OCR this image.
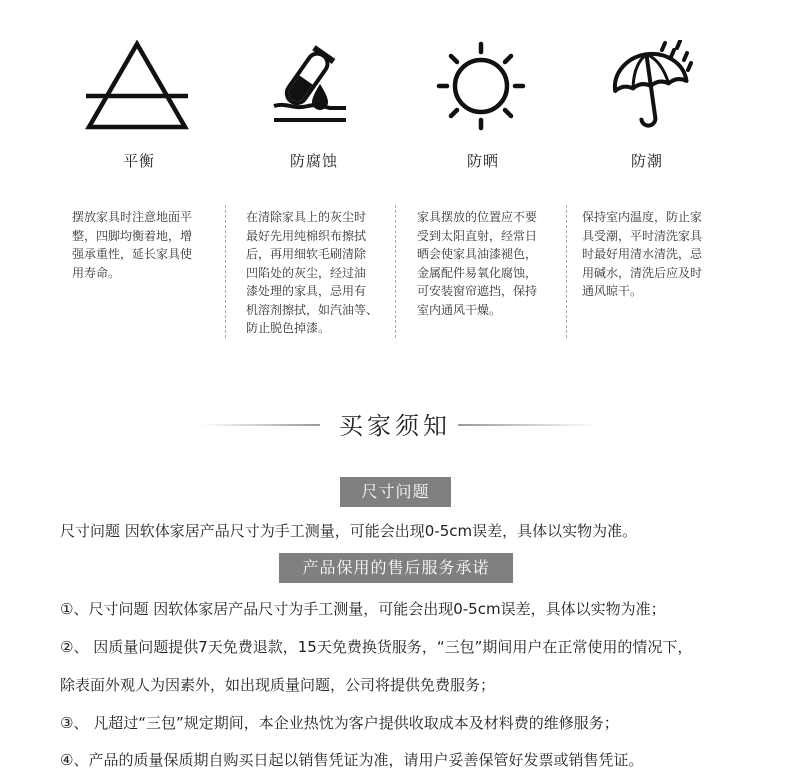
平衡	防腐蚀	防晒	防潮
摆放家具时注意地面平
整，四脚均衡着地，增
强承重性，延长家具使
用寿命。
在清除家具上的灰尘时
最好先用纯棉织布擦拭
后，再用细软毛刷清除
凹陷处的灰尘，经过油
漆处理的家具，忌用有
机溶剂擦拭，如汽油等、
防止脱色掉漆。
家具摆放的位置应不要
受到太阳直射，经常日
晒会使家具油漆褪色，
金属配件易氧化腐蚀，
可安装窗帘遮挡，保持
室内通风干燥。
保持室内温度，防止家
具受潮，平时清洗家具
时最好用清水清洗，忌
用碱水，清洗后应及时
通风晾干。
买家须知
尺寸问题
尺寸问题 因软体家居产品尺寸为手工测量，可能会出现0-5cm误差，具体以实物为准。
产品保用的售后服务承诺
①、尺寸问题 因软体家居产品尺寸为手工测量，可能会出现0-5cm误差，具体以实物为准；
②、 因质量问题提供7天免费退款，15天免费换货服务，“三包”期间用户在正常使用的情况下，
除表面外观人为因素外，如出现质量问题，公司将提供免费服务；
③、 凡超过“三包”规定期间，本企业热忱为客户提供收取成本及材料费的维修服务；
④、产品的质量保质期自购买日起以销售凭证为准，请用户妥善保管好发票或销售凭证。
